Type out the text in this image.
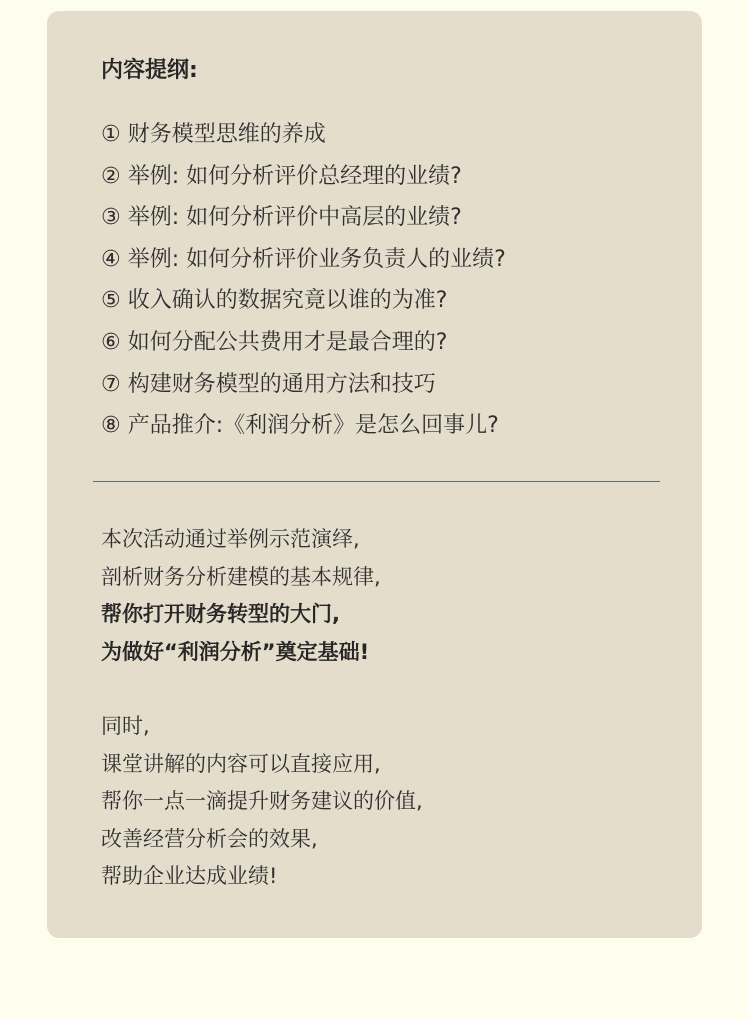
内容提纲:
① 财务模型思维的养成
② 举例: 如何分析评价总经理的业绩?
③ 举例: 如何分析评价中高层的业绩?
④ 举例: 如何分析评价业务负责人的业绩?
⑤ 收入确认的数据究竟以谁的为准?
⑥ 如何分配公共费用才是最合理的?
⑦ 构建财务模型的通用方法和技巧
⑧ 产品推介:《利润分析》是怎么回事儿?
本次活动通过举例示范演绎,
剖析财务分析建模的基本规律,
帮你打开财务转型的大门,
为做好“利润分析”奠定基础!
同时,
课堂讲解的内容可以直接应用,
帮你一点一滴提升财务建议的价值,
改善经营分析会的效果,
帮助企业达成业绩!
